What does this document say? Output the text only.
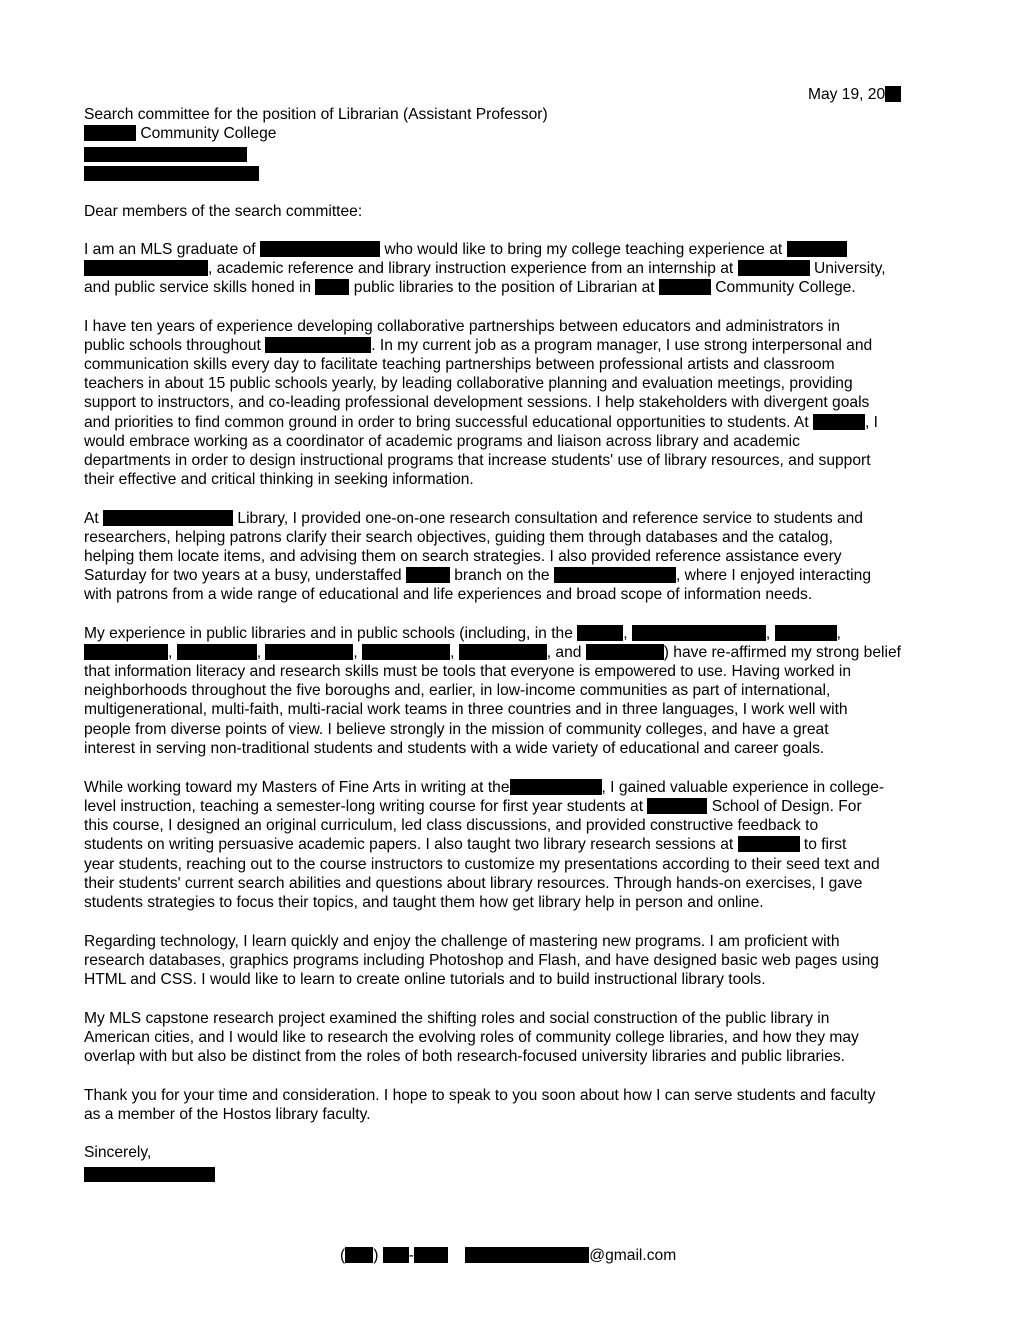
May 19, 20
Search committee for the position of Librarian (Assistant Professor)
Community College
Dear members of the search committee:
I am an MLS graduate of	who would like to bring my college teaching experience at
, academic reference and library instruction experience from an internship at	University,
and public service skills honed in	public libraries to the position of Librarian at	Community College.
I have ten years of experience developing collaborative partnerships between educators and administrators in
public schools throughout	. In my current job as a program manager, I use strong interpersonal and
communication skills every day to facilitate teaching partnerships between professional artists and classroom
teachers in about 15 public schools yearly, by leading collaborative planning and evaluation meetings, providing
support to instructors, and co-leading professional development sessions. I help stakeholders with divergent goals
and priorities to find common ground in order to bring successful educational opportunities to students. At	, I
would embrace working as a coordinator of academic programs and liaison across library and academic
departments in order to design instructional programs that increase students' use of library resources, and support
their effective and critical thinking in seeking information.
At	Library, I provided one-on-one research consultation and reference service to students and
researchers, helping patrons clarify their search objectives, guiding them through databases and the catalog,
helping them locate items, and advising them on search strategies. I also provided reference assistance every
Saturday for two years at a busy, understaffed	branch on the	, where I enjoyed interacting
with patrons from a wide range of educational and life experiences and broad scope of information needs.
My experience in public libraries and in public schools (including, in the	,	,	,
,	,	,	,	, and	) have re-affirmed my strong belief
that information literacy and research skills must be tools that everyone is empowered to use. Having worked in
neighborhoods throughout the five boroughs and, earlier, in low-income communities as part of international,
multigenerational, multi-faith, multi-racial work teams in three countries and in three languages, I work well with
people from diverse points of view. I believe strongly in the mission of community colleges, and have a great
interest in serving non-traditional students and students with a wide variety of educational and career goals.
While working toward my Masters of Fine Arts in writing at the	, I gained valuable experience in college-
level instruction, teaching a semester-long writing course for first year students at	School of Design. For
this course, I designed an original curriculum, led class discussions, and provided constructive feedback to
students on writing persuasive academic papers. I also taught two library research sessions at	to first
year students, reaching out to the course instructors to customize my presentations according to their seed text and
their students' current search abilities and questions about library resources. Through hands-on exercises, I gave
students strategies to focus their topics, and taught them how get library help in person and online.
Regarding technology, I learn quickly and enjoy the challenge of mastering new programs. I am proficient with
research databases, graphics programs including Photoshop and Flash, and have designed basic web pages using
HTML and CSS. I would like to learn to create online tutorials and to build instructional library tools.
My MLS capstone research project examined the shifting roles and social construction of the public library in
American cities, and I would like to research the evolving roles of community college libraries, and how they may
overlap with but also be distinct from the roles of both research-focused university libraries and public libraries.
Thank you for your time and consideration. I hope to speak to you soon about how I can serve students and faculty
as a member of the Hostos library faculty.
Sincerely,
( ) -	@gmail.com
